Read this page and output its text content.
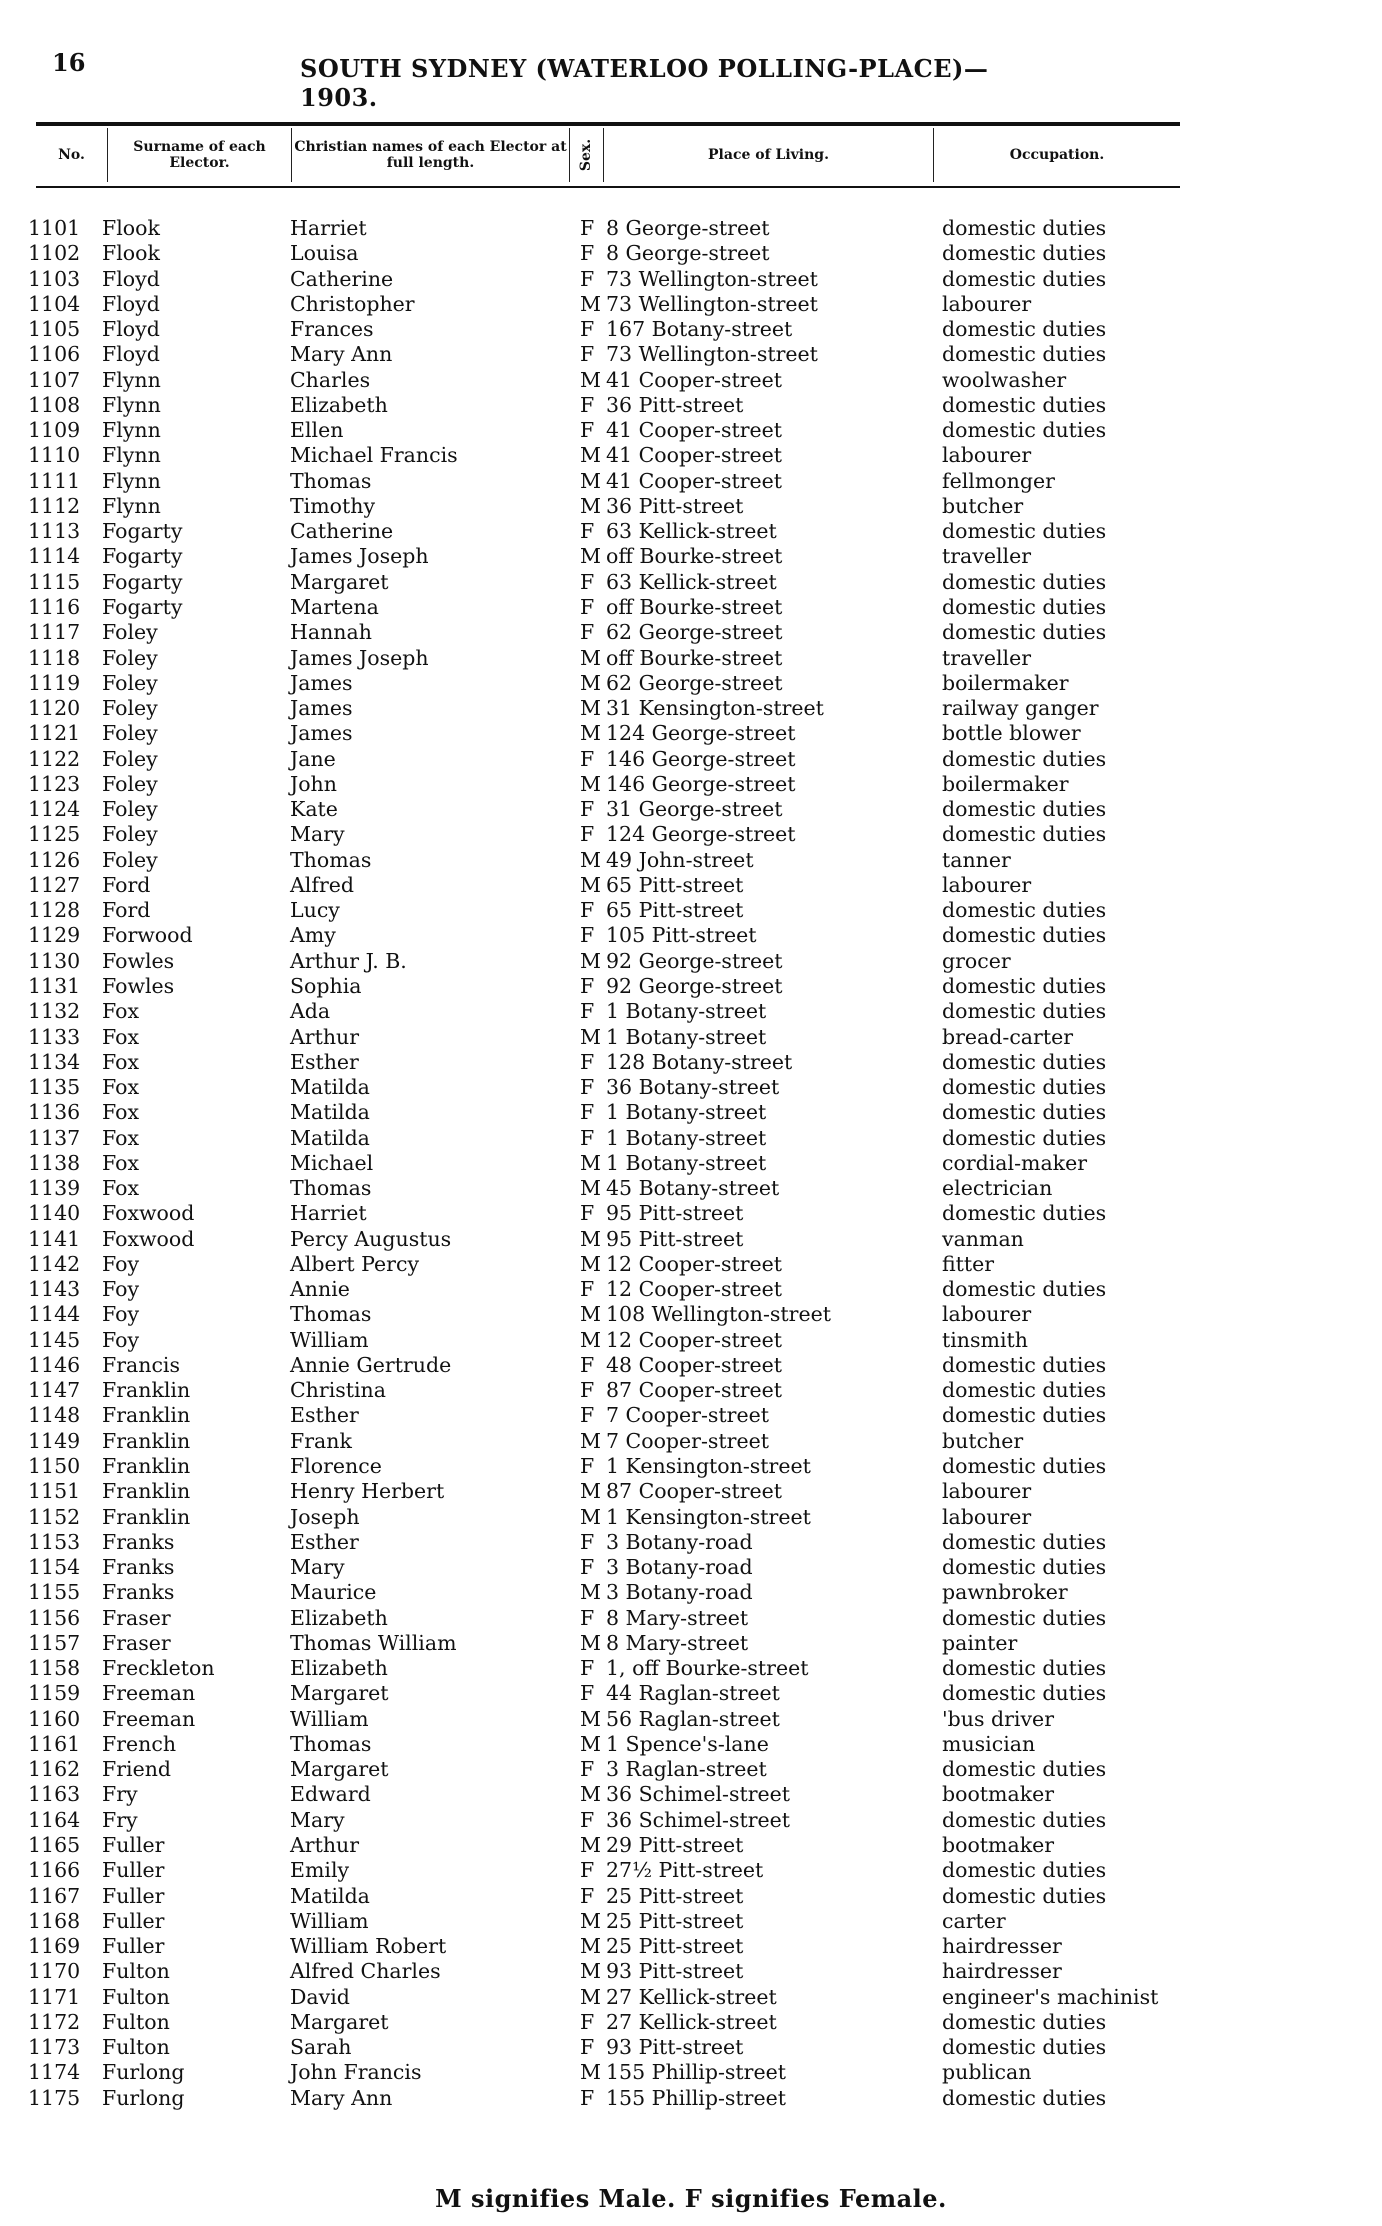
16	SOUTH SYDNEY (WATERLOO POLLING-PLACE)—1903.
No.	Surname of each Elector.
Christian names of each Elector at full length.	Sex.	Place of Living.	Occupation.
1101	Flook	Harriet	F 8 George-street	domestic duties
1102	Flook	Louisa	F 8 George-street	domestic duties
1103	Floyd	Catherine	F 73 Wellington-street	domestic duties
1104	Floyd	Christopher	M 73 Wellington-street	labourer
1105	Floyd	Frances	F 167 Botany-street	domestic duties
1106	Floyd	Mary Ann	F 73 Wellington-street	domestic duties
1107	Flynn	Charles	M 41 Cooper-street	woolwasher
1108	Flynn	Elizabeth	F 36 Pitt-street	domestic duties
1109	Flynn	Ellen	F 41 Cooper-street	domestic duties
1110	Flynn	Michael Francis	M 41 Cooper-street	labourer
1111	Flynn	Thomas	M 41 Cooper-street	fellmonger
1112	Flynn	Timothy	M 36 Pitt-street	butcher
1113	Fogarty	Catherine	F 63 Kellick-street	domestic duties
1114	Fogarty	James Joseph	M off Bourke-street	traveller
1115	Fogarty	Margaret	F 63 Kellick-street	domestic duties
1116	Fogarty	Martena	F off Bourke-street	domestic duties
1117	Foley	Hannah	F 62 George-street	domestic duties
1118	Foley	James Joseph	M off Bourke-street	traveller
1119	Foley	James	M 62 George-street	boilermaker
1120	Foley	James	M 31 Kensington-street	railway ganger
1121	Foley	James	M 124 George-street	bottle blower
1122	Foley	Jane	F 146 George-street	domestic duties
1123	Foley	John	M 146 George-street	boilermaker
1124	Foley	Kate	F 31 George-street	domestic duties
1125	Foley	Mary	F 124 George-street	domestic duties
1126	Foley	Thomas	M 49 John-street	tanner
1127	Ford	Alfred	M 65 Pitt-street	labourer
1128	Ford	Lucy	F 65 Pitt-street	domestic duties
1129	Forwood	Amy	F 105 Pitt-street	domestic duties
1130	Fowles	Arthur J. B.	M 92 George-street	grocer
1131	Fowles	Sophia	F 92 George-street	domestic duties
1132	Fox	Ada	F 1 Botany-street	domestic duties
1133	Fox	Arthur	M 1 Botany-street	bread-carter
1134	Fox	Esther	F 128 Botany-street	domestic duties
1135	Fox	Matilda	F 36 Botany-street	domestic duties
1136	Fox	Matilda	F 1 Botany-street	domestic duties
1137	Fox	Matilda	F 1 Botany-street	domestic duties
1138	Fox	Michael	M 1 Botany-street	cordial-maker
1139	Fox	Thomas	M 45 Botany-street	electrician
1140	Foxwood	Harriet	F 95 Pitt-street	domestic duties
1141	Foxwood	Percy Augustus	M 95 Pitt-street	vanman
1142	Foy	Albert Percy	M 12 Cooper-street	fitter
1143	Foy	Annie	F 12 Cooper-street	domestic duties
1144	Foy	Thomas	M 108 Wellington-street	labourer
1145	Foy	William	M 12 Cooper-street	tinsmith
1146	Francis	Annie Gertrude	F 48 Cooper-street	domestic duties
1147	Franklin	Christina	F 87 Cooper-street	domestic duties
1148	Franklin	Esther	F 7 Cooper-street	domestic duties
1149	Franklin	Frank	M 7 Cooper-street	butcher
1150	Franklin	Florence	F 1 Kensington-street	domestic duties
1151	Franklin	Henry Herbert	M 87 Cooper-street	labourer
1152	Franklin	Joseph	M 1 Kensington-street	labourer
1153	Franks	Esther	F 3 Botany-road	domestic duties
1154	Franks	Mary	F 3 Botany-road	domestic duties
1155	Franks	Maurice	M 3 Botany-road	pawnbroker
1156	Fraser	Elizabeth	F 8 Mary-street	domestic duties
1157	Fraser	Thomas William	M 8 Mary-street	painter
1158	Freckleton	Elizabeth	F 1, off Bourke-street	domestic duties
1159	Freeman	Margaret	F 44 Raglan-street	domestic duties
1160	Freeman	William	M 56 Raglan-street	'bus driver
1161	French	Thomas	M 1 Spence's-lane	musician
1162	Friend	Margaret	F 3 Raglan-street	domestic duties
1163	Fry	Edward	M 36 Schimel-street	bootmaker
1164	Fry	Mary	F 36 Schimel-street	domestic duties
1165	Fuller	Arthur	M 29 Pitt-street	bootmaker
1166	Fuller	Emily	F 27½ Pitt-street	domestic duties
1167	Fuller	Matilda	F 25 Pitt-street	domestic duties
1168	Fuller	William	M 25 Pitt-street	carter
1169	Fuller	William Robert	M 25 Pitt-street	hairdresser
1170	Fulton	Alfred Charles	M 93 Pitt-street	hairdresser
1171	Fulton	David	M 27 Kellick-street	engineer's machinist
1172	Fulton	Margaret	F 27 Kellick-street	domestic duties
1173	Fulton	Sarah	F 93 Pitt-street	domestic duties
1174	Furlong	John Francis	M 155 Phillip-street	publican
1175	Furlong	Mary Ann	F 155 Phillip-street	domestic duties
M signifies Male. F signifies Female.
